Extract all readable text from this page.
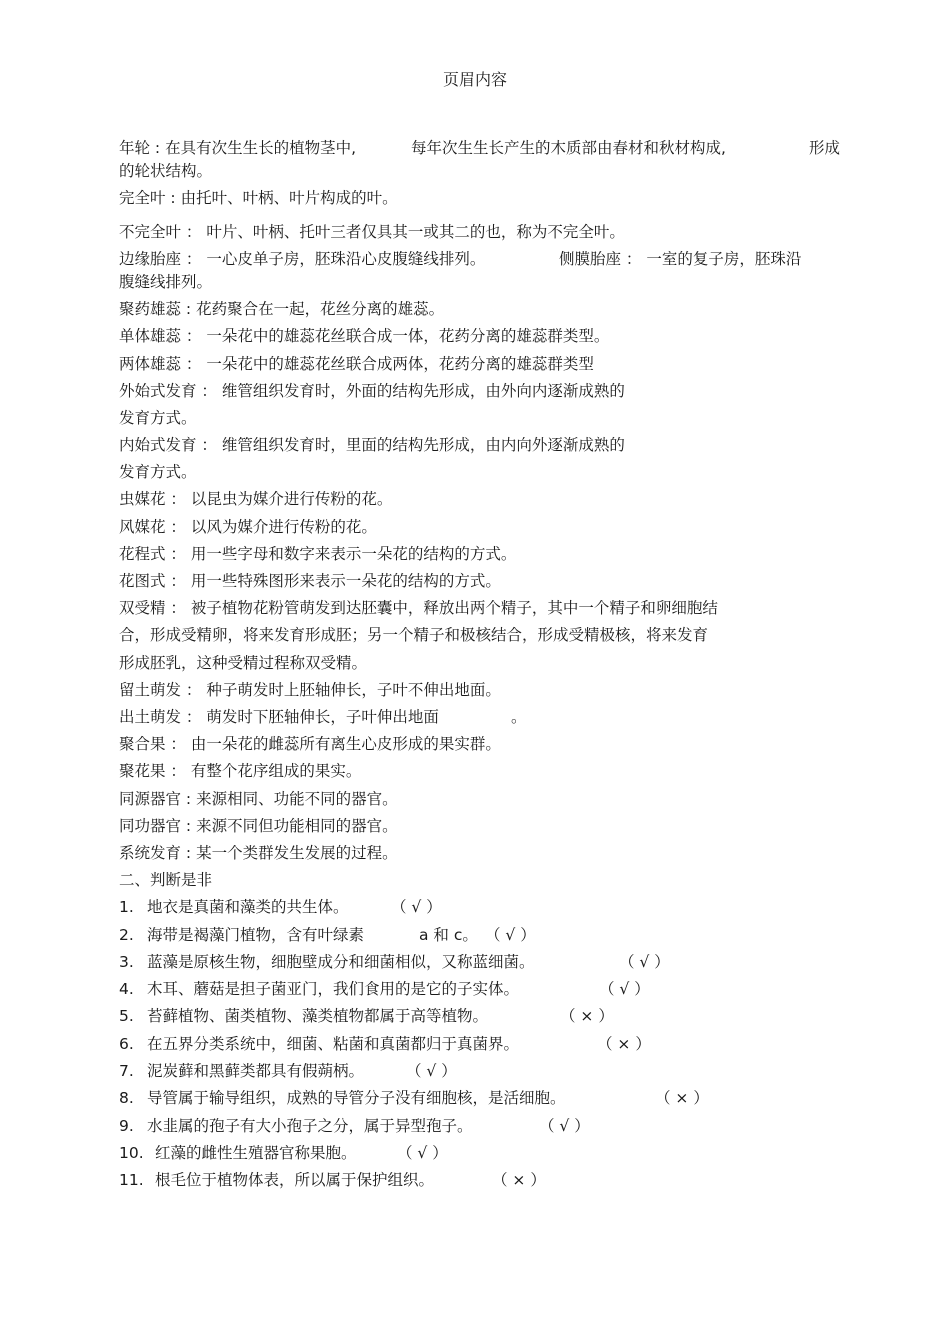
页眉内容
年轮 : 在具有次生生长的植物茎中,	每年次生生长产生的木质部由春材和秋材构成,	形成
的轮状结构。
完全叶 : 由托叶、叶柄、叶片构成的叶。
不完全叶 ： 叶片、叶柄、托叶三者仅具其一或其二的也，称为不完全叶。
边缘胎座 ： 一心皮单子房，胚珠沿心皮腹缝线排列。	侧膜胎座 ： 一室的复子房，胚珠沿
腹缝线排列。
聚药雄蕊 : 花药聚合在一起，花丝分离的雄蕊。
单体雄蕊 ： 一朵花中的雄蕊花丝联合成一体，花药分离的雄蕊群类型。
两体雄蕊 ： 一朵花中的雄蕊花丝联合成两体，花药分离的雄蕊群类型
外始式发育 ： 维管组织发育时，外面的结构先形成，由外向内逐渐成熟的
发育方式。
内始式发育 ： 维管组织发育时，里面的结构先形成，由内向外逐渐成熟的
发育方式。
虫媒花 ： 以昆虫为媒介进行传粉的花。
风媒花 ： 以风为媒介进行传粉的花。
花程式 ： 用一些字母和数字来表示一朵花的结构的方式。
花图式 ： 用一些特殊图形来表示一朵花的结构的方式。
双受精 ： 被子植物花粉管萌发到达胚囊中，释放出两个精子，其中一个精子和卵细胞结
合，形成受精卵，将来发育形成胚；另一个精子和极核结合，形成受精极核，将来发育
形成胚乳，这种受精过程称双受精。
留土萌发 ： 种子萌发时上胚轴伸长，子叶不伸出地面。
出土萌发 ： 萌发时下胚轴伸长，子叶伸出地面	。
聚合果 ： 由一朵花的雌蕊所有离生心皮形成的果实群。
聚花果 ： 有整个花序组成的果实。
同源器官 : 来源相同、功能不同的器官。
同功器官 : 来源不同但功能相同的器官。
系统发育 : 某一个类群发生发展的过程。
二、判断是非
1. 地衣是真菌和藻类的共生体。	（ √ ）
2. 海带是褐藻门植物，含有叶绿素	a 和 c。 （ √ ）
3. 蓝藻是原核生物，细胞壁成分和细菌相似，又称蓝细菌。	（ √ ）
4. 木耳、蘑菇是担子菌亚门，我们食用的是它的子实体。	（ √ ）
5. 苔藓植物、菌类植物、藻类植物都属于高等植物。	（ × ）
6. 在五界分类系统中，细菌、粘菌和真菌都归于真菌界。	（ × ）
7. 泥炭藓和黑藓类都具有假蒴柄。	（ √ ）
8. 导管属于输导组织，成熟的导管分子没有细胞核，是活细胞。	（ × ）
9. 水韭属的孢子有大小孢子之分，属于异型孢子。	（ √ ）
10. 红藻的雌性生殖器官称果胞。	（ √ ）
11. 根毛位于植物体表，所以属于保护组织。	（ × ）
